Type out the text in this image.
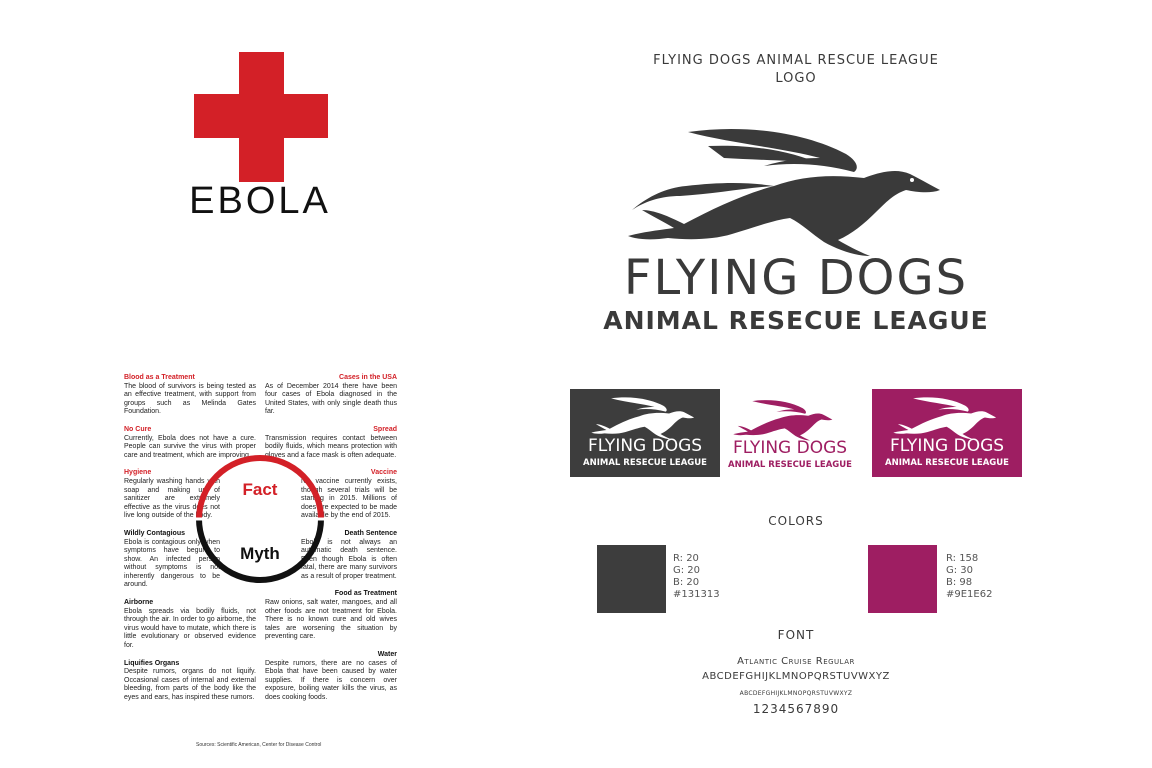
EBOLA
Blood as a Treatment
The blood of survivors is being tested as an effective treatment, with support from groups such as Melinda Gates Foundation.
No Cure
Currently, Ebola does not have a cure. People can survive the virus with proper care and treatment, which are improving.
Hygiene
Regularly washing hands with soap and making us of sanitizer are extremely effective as the virus does not live long outside of the body.
Wildly Contagious
Ebola is contagious only when symptoms have begun to show. An infected person without symptoms is not inherently dangerous to be around.
Airborne
Ebola spreads via bodily fluids, not through the air. In order to go airborne, the virus would have to mutate, which there is little evolutionary or observed evidence for.
Liquifies Organs
Despite rumors, organs do not liquify. Occasional cases of internal and external bleeding, from parts of the body like the eyes and ears, has inspired these rumors.
Cases in the USA
As of December 2014 there have been four cases of Ebola diagnosed in the United States, with only single death thus far.
Spread
Transmission requires contact between bodily fluids, which means protection with gloves and a face mask is often adequate.
Vaccine
No vaccine currently exists, though several trials will be starting in 2015. Millions of does are expected to be made available by the end of 2015.
Death Sentence
Ebola is not always an automatic death sentence. Even though Ebola is often fatal, there are many survivors as a result of proper treatment.
Food as Treatment
Raw onions, salt water, mangoes, and all other foods are not treatment for Ebola. There is no known cure and old wives tales are worsening the situation by preventing care.
Water
Despite rumors, there are no cases of Ebola that have been caused by water supplies. If there is concern over exposure, boiling water kills the virus, as does cooking foods.
Fact
Myth
Sources: Scientific American, Center for Disease Control
FLYING DOGS ANIMAL RESCUE LEAGUE
LOGO
FLYING DOGS
ANIMAL RESECUE LEAGUE
FLYING DOGS
ANIMAL RESECUE LEAGUE
FLYING DOGS
ANIMAL RESECUE LEAGUE
FLYING DOGS
ANIMAL RESECUE LEAGUE
COLORS
R: 20
G: 20
B: 20
#131313
R: 158
G: 30
B: 98
#9E1E62
FONT
Atlantic Cruise Regular
ABCDEFGHIJKLMNOPQRSTUVWXYZ
abcdefghijklmnopqrstuvwxyz
1234567890
